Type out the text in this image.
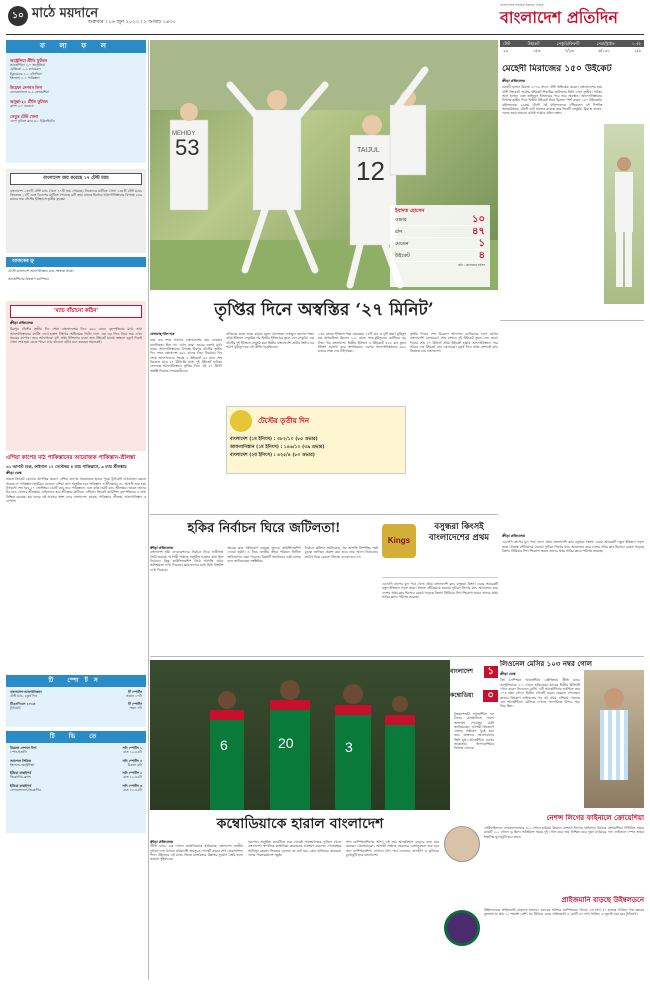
১০ মাঠে ময়দানে
শুক্রবার । ১৬ জুন ২০২৩ । ২ আষাঢ় ১৪৩০
বাংলাদেশের সর্বাধিক প্রচারিত দৈনিক
বাংলাদেশ প্রতিদিন
ফ লা ফ ল
অস্ট্রেলিয়া প্রীতি ফুটবল
আর্জেন্টিনা ২-০ অস্ট্রেলিয়া
মেক্সিকো ১-১ ক্যামেরুন
ইক্যুয়েডর ১-১ বলিভিয়া
ইংল্যান্ড ১-১ পাকিস্তান
উয়েফা নেশনস লিগ
নেদারল্যান্ডস ৪-২ ক্রোয়েশিয়া
অনূর্ধ্ব-২১ প্রীতি ফুটবল
ফ্রান্স ২-০ নরওয়ে
সেতুর টেস্ট খেলা
এনপ ফুটবল ক্লাব ৩-১ ইউনাইটেড
বাংলাদেশ জয় করেছে ১৭ টেস্ট ম্যাচ
বাংলাদেশ ১৩৭টি টেস্ট ম্যাচ খেলে ১৭টি জয় পেয়েছে। নিজেদের মাটিতে খেলা ১৩৮টি টেস্ট ম্যাচে জিতেছে ১১টি এবং বিদেশের মাটিতে পেয়েছে ৬টি জয়। রানের হিসেবে আফগানিস্তানের বিপক্ষে ৫৪৬ রানের জয় টেস্টের ইতিহাসে তৃতীয় বৃহত্তম।
আজকের ক্রু
টেস্টে বাংলাদেশ আফগানিস্তান ম্যাচ সংক্রান্ত সংবাদ
আর্জেন্টিনার বিশ্বকাপ চ্যাম্পিয়ন
'ম্যাচ বাঁচানো কঠিন'
ক্রীড়া প্রতিবেদক
মিরপুর টেস্টের তৃতীয় দিন শেষে বাংলাদেশের লিড ৬৬২ রানে। বৃহস্পতিবার মাঠে নামা আফগানিস্তানের ব্যাটিং দেখে হতাশ টাইগার অধিনায়ক লিটন দাস। এত বড় লিড নিয়ে জয় এখন সময়ের ব্যাপার। তবে আফগানরা যদি প্রথম ইনিংসের মতো দ্রুত উইকেট হারায় তাহলে চতুর্থ দিনেই খেলা শেষ হয়ে যেতে পারে। ম্যাচ বাঁচানো কঠিন মনে করছেন অনেকেই।
এশিয়া কাপের মাঠ পাকিস্তানের আয়োজক পাকিস্তান-শ্রীলঙ্কা
৩১ আগস্ট শুরু, ফাইনাল ১৭ সেপ্টেম্বর ৪ ম্যাচ পাকিস্তানে, ৯ ম্যাচ শ্রীলঙ্কায়
ক্রীড়া ডেস্ক
ভারত ক্রিকেট বোর্ডের আপত্তির কারণে এশিয়া কাপের আয়োজক হয়েও পুরো টুর্নামেন্ট আয়োজন করতে পারছে না পাকিস্তান। হাইব্রিড মডেলে এশিয়া কাপ অনুষ্ঠিত হবে পাকিস্তান ও শ্রীলঙ্কায়। ৩১ আগস্ট শুরু হয়ে টুর্নামেন্ট শেষ হবে ১৭ সেপ্টেম্বর। চারটি ম্যাচ হবে পাকিস্তানে এবং বাকি নয়টি ম্যাচ শ্রীলঙ্কায়। ভারত তাদের সব ম্যাচ খেলবে শ্রীলঙ্কায়। ফাইনালও হবে শ্রীলঙ্কার মাটিতে। এশিয়ান ক্রিকেট কাউন্সিল বৃহস্পতিবার এ তথ্য নিশ্চিত করেছে। ছয় দলের এই আসরে অংশ নেবে বাংলাদেশ, ভারত, পাকিস্তান, শ্রীলঙ্কা, আফগানিস্তান ও নেপাল।
টি স্পোর্টস
বাংলাদেশ-আফগানিস্তান	টি স্পোর্টস
টেস্ট ম্যাচ, চতুর্থ দিন	সকাল ১০টা
টিএনপিএল ২০২৩	টি স্পোর্টস
টুর্নামেন্ট	সন্ধ্যা ৭টা
টি ভি তে
উয়েফা নেশনস লিগ	সনি স্পোর্টস ১
স্পেন-ইতালি	রাত ১২-৪৫টা
অ্যাশেজ সিরিজ	সনি স্পোর্টস ৫
ইংল্যান্ড-অস্ট্রেলিয়া	বিকাল ৪টা
ইউরো বাছাইপর্ব	সনি স্পোর্টস ২
জিব্রাল্টার-ফ্রান্স	রাত ১২-৪৫টা
ইউরো বাছাইপর্ব	সনি স্পোর্টস ৩
নেদারল্যান্ডস-জিব্রাল্টার	রাত ১২-৪৫টা
টেস্ট	উইকেট	সেঞ্চুরি/ফিফটি	সেরা/স্ট্রাইক	১০/৫
২৯	১৫৩	৭/২৬	৬/১৩১	২/৯
53
12
MEHIDY
TAIJUL
ইবাদত হোসেন
ওভার	১০
রান	৪৭
মেডেন	১
উইকেট	৪
ছবি : রোবায়েত হাসিব
মেহেদী মিরাজের ১৫০ উইকেট
ক্রীড়া প্রতিবেদক
মেহেদী হাসান মিরাজ ২০১৬ সালে টেস্ট অভিষেক করেন। বাংলাদেশের হয়ে টেস্ট ক্রিকেটে সর্বোচ্চ উইকেট শিকারির তালিকায় তিনি এখন তৃতীয়। সাকিব আল হাসান এবং তাইজুল ইসলামের পরে তার অবস্থান। আফগানিস্তানের বিপক্ষে তৃতীয় দিনে দ্বিতীয় উইকেট নিয়ে মিরাজ স্পর্শ করেন ১৫০ উইকেটের মাইলফলক। ২৯তম টেস্টে এই মাইলফলকে পৌঁছালেন এই স্পিনিং অলরাউন্ডার। টেস্টে ব্যাট হাতেও রয়েছে তার তিনটি সেঞ্চুরি। মিরাজ বলেন, দলের জয়ে অবদান রাখাই আমার প্রধান লক্ষ্য।
তৃপ্তির দিনে অস্বস্তির ‘২৭ মিনিট’
মেজবাহ্-উল-হক
মাত্র এক দশক আগেও বাংলাদেশের জয় নেওয়ার মানসিকতা ছিল না। এখন তারা জয়ের জন্যই মাঠে নামে। আফগানিস্তানের বিপক্ষে মিরপুর টেস্টের তৃতীয় দিন শেষে বাংলাদেশ ৬৬২ রানের লিড নিয়েছে। দিন শেষে আফগানদের সংগ্রহ ২ উইকেটে ৪৫ রান। শেষ বিকেলে মাত্র ২৭ মিনিটের মধ্যে দুই উইকেট হারিয়ে ফেলেছে আফগানিস্তান। তৃপ্তির দিনে এই ২৭ মিনিট অস্বস্তি দিয়েছে সফরকারীদের।
সাকিবের মতো নজর কাড়ার মতো খেলেছেন নাজমুল হোসেন শান্ত। প্রথম ইনিংসে সেঞ্চুরির পর দ্বিতীয় ইনিংসেও তুলে নেন সেঞ্চুরি। এক টেস্টের দুই ইনিংসে সেঞ্চুরি করা দ্বিতীয় বাংলাদেশি ব্যাটার তিনি। এর আগে মুমিনুল হক এই কীর্তি গড়েছিলেন।
১৩৫ রানের ইনিংসে শান্ত মেরেছেন ১৫টি চার ও দুটি ছক্কা। মুমিনুল হক অপরাজিত ছিলেন ১২১ রানে। শান্ত-মুমিনুলের ব্যাটিংয়ে বড় লিড পায় বাংলাদেশ। দ্বিতীয় ইনিংসে ৪ উইকেটে ৪২৫ রান তুলে ইনিংস ঘোষণা করে স্বাগতিকরা। এরপর আফগানিস্তানকে ৬৬২ রানের লক্ষ্য দেয় টাইগাররা।
তৃতীয় দিনের শেষ বিকেলে আফগান ব্যাটারদের চাপে রাখেন বাংলাদেশি বোলাররা। শেষ সেশনে দুই উইকেট তুলে নেন তারা। দিনের শেষ ২৭ মিনিটে প্রথম উইকেট হারায় আফগানিস্তান। পরে আরও এক উইকেট নেন বোলাররা। চতুর্থ দিনে প্রথম সেশনেই ম্যাচ জিততে চায় বাংলাদেশ।
টেস্টের তৃতীয় দিন
বাংলাদেশ (১ম ইনিংস) : ৩৮২/১০ (৮৫ ওভার)
আফগানিস্তান (১ম ইনিংস) : ১৪৬/১০ (৩৯ ওভার)
বাংলাদেশ (২য় ইনিংস) : ৪২৫/৪ (৮০ ওভার)
হকির নির্বাচন ঘিরে জটিলতা!
ক্রীড়া প্রতিবেদক
বাংলাদেশ হকি ফেডারেশনের নির্বাচন নিয়ে জটিলতা তৈরি হয়েছে। আগামী সপ্তাহে অনুষ্ঠিত হওয়ার কথা ছিল নির্বাচন। কিন্তু কাউন্সিলরশিপ নিয়ে আপত্তি ওঠায় অনিশ্চয়তা দেখা দিয়েছে। ক্লাবগুলোর মধ্যে দ্বিধা বিভক্তি দেখা দিয়েছে।
অনেক ক্লাব অভিযোগ করেছে তাদের কাউন্সিলরশিপ দেওয়া হয়নি। এ নিয়ে জাতীয় ক্রীড়া পরিষদে লিখিত অভিযোগও জমা পড়েছে। বিষয়টি সমাধানের চেষ্টা চলছে বলে জানিয়েছেন সংশ্লিষ্টরা।
নির্বাচন কমিশন জানিয়েছে, সব আপত্তি নিষ্পত্তির পরই চূড়ান্ত তালিকা প্রকাশ করা হবে। তার আগে নির্বাচনের তারিখ নিয়ে কোনো সিদ্ধান্ত নেওয়া হবে না।
Kings
বসুন্ধরা কিংসই বাংলাদেশের প্রথম	ক্রীড়া প্রতিবেদক
এএফসি কাপের মূল পর্বে খেলা প্রথম বাংলাদেশি ক্লাব বসুন্ধরা কিংস। এবার আরেকটি নতুন ইতিহাস গড়ল তারা। নিজস্ব স্টেডিয়ামে ঘরোয়া ফুটবল লিগের ম্যাচ আয়োজন করে দেশের প্রথম ক্লাব হিসেবে রেকর্ড গড়েছে কিংস। প্রিমিয়ার লিগ শিরোপা জয়ও তাদের প্রথম সারির ক্লাবে পরিণত করেছে।
এএফসি কাপের মূল পর্বে খেলা প্রথম বাংলাদেশি ক্লাব বসুন্ধরা কিংস। এবার আরেকটি নতুন ইতিহাস গড়ল তারা। নিজস্ব স্টেডিয়ামে ঘরোয়া ফুটবল লিগের ম্যাচ আয়োজন করে দেশের প্রথম ক্লাব হিসেবে রেকর্ড গড়েছে কিংস। প্রিমিয়ার লিগ শিরোপা জয়ও তাদের প্রথম সারির ক্লাবে পরিণত করেছে।
6	20	3
বাংলাদেশ	১
কম্বোডিয়া	০
বিশ্বকাপজয়ী আর্জেন্টিনা দল চীনের রাজধানীতে দারুণ অভ্যর্থনা পেয়েছে। মেসি জানিয়েছেন, আগামী বিশ্বকাপে খেলার সম্ভাবনা খুবই কম। তবে ভক্তদের ভালোবাসায় তিনি মুগ্ধ। আর্জেন্টিনা এরপর জাকার্তায় ইন্দোনেশিয়ার বিপক্ষে খেলবে।
লিওনেল মেসির ১০৩ নম্বর গোল
ক্রীড়া ডেস্ক
বিশ্ব চ্যাম্পিয়ন আর্জেন্টিনা বেইজিংয়ে প্রীতি ম্যাচে অস্ট্রেলিয়াকে ২-০ গোলে হারিয়েছে। ম্যাচের দ্বিতীয় মিনিটেই গোল করেন লিওনেল মেসি। এটি আর্জেন্টিনার জার্সিতে তার ১০৩ নম্বর গোল। দ্বিতীয় গোলটি করেন হেরমান পেজেল্লা। কাতার বিশ্বকাপ ফাইনালের পর এই প্রথম এশিয়ায় খেলতে এল আর্জেন্টিনা। মেসিকে দেখতে গ্যালারিতে উপচে পড়া ভিড় ছিল।
কম্বোডিয়াকে হারাল বাংলাদেশ
ক্রীড়া প্রতিবেদক
প্রীতি ম্যাচে এক গোলে কম্বোডিয়াকে হারিয়েছে বাংলাদেশ জাতীয় ফুটবল দল। ম্যাচের প্রথমার্ধেই জয়সূচক গোলটি করেন শেখ মোরসালিন। ফিফা উইন্ডোর এই ম্যাচে জিতে র‍্যাংকিংয়ে উন্নতির সুযোগ তৈরি হলো জামাল ভূঁইয়াদের।
নমপেনে অনুষ্ঠিত ম্যাচটিতে শুরু থেকেই আক্রমণাত্মক ফুটবল খেলে বাংলাদেশ। স্বাগতিক কম্বোডিয়া কয়েকবার আক্রমণ করলেও গোলরক্ষক আনিসুর রহমান জিকোর দৃঢ়তায় তা ব্যর্থ হয়। কোচ হাভিয়ের কাবরেরা দলের পারফরম্যান্সে সন্তুষ্ট।
সাফ চ্যাম্পিয়নশিপের আগে এই জয় আত্মবিশ্বাস বাড়াবে বলে মনে করছেন খেলোয়াড়রা। আগামী সপ্তাহে ভারতের বেঙ্গালুরুতে শুরু হবে সাফ চ্যাম্পিয়নশিপ। সেখানে গ্রুপ পর্বে লেবানন, মালদ্বীপ ও ভুটানের মুখোমুখি হবে বাংলাদেশ।
নেশন্স লিগের ফাইনালে ক্রোয়েশিয়া
সেমিফাইনালে নেদারল্যান্ডসকে ৪-২ গোলে হারিয়ে উয়েফা নেশনস লিগের ফাইনালে উঠেছে ক্রোয়েশিয়া। নির্ধারিত সময়ে ম্যাচটি ২-২ গোলে ড্র ছিল। অতিরিক্ত সময়ে দুই গোল করে জয় নিশ্চিত করে লুকা মদরিচের দল। ফাইনালে স্পেন অথবা ইতালির মুখোমুখি হবে তারা।
প্রাইজমানি বাড়ছে উইম্বলডনে
উইম্বলডনের প্রাইজমানি বাড়ানো হয়েছে। এবারের আসরে চ্যাম্পিয়নরা পাবেন ২৩ লাখ ৫০ হাজার পাউন্ড। গত বছরের তুলনায় যা প্রায় ১১ শতাংশ বেশি। সব মিলিয়ে এবার প্রাইজমানি ৪ কোটি ৪৭ লাখ পাউন্ড। ৩ জুলাই শুরু হবে টুর্নামেন্ট।
